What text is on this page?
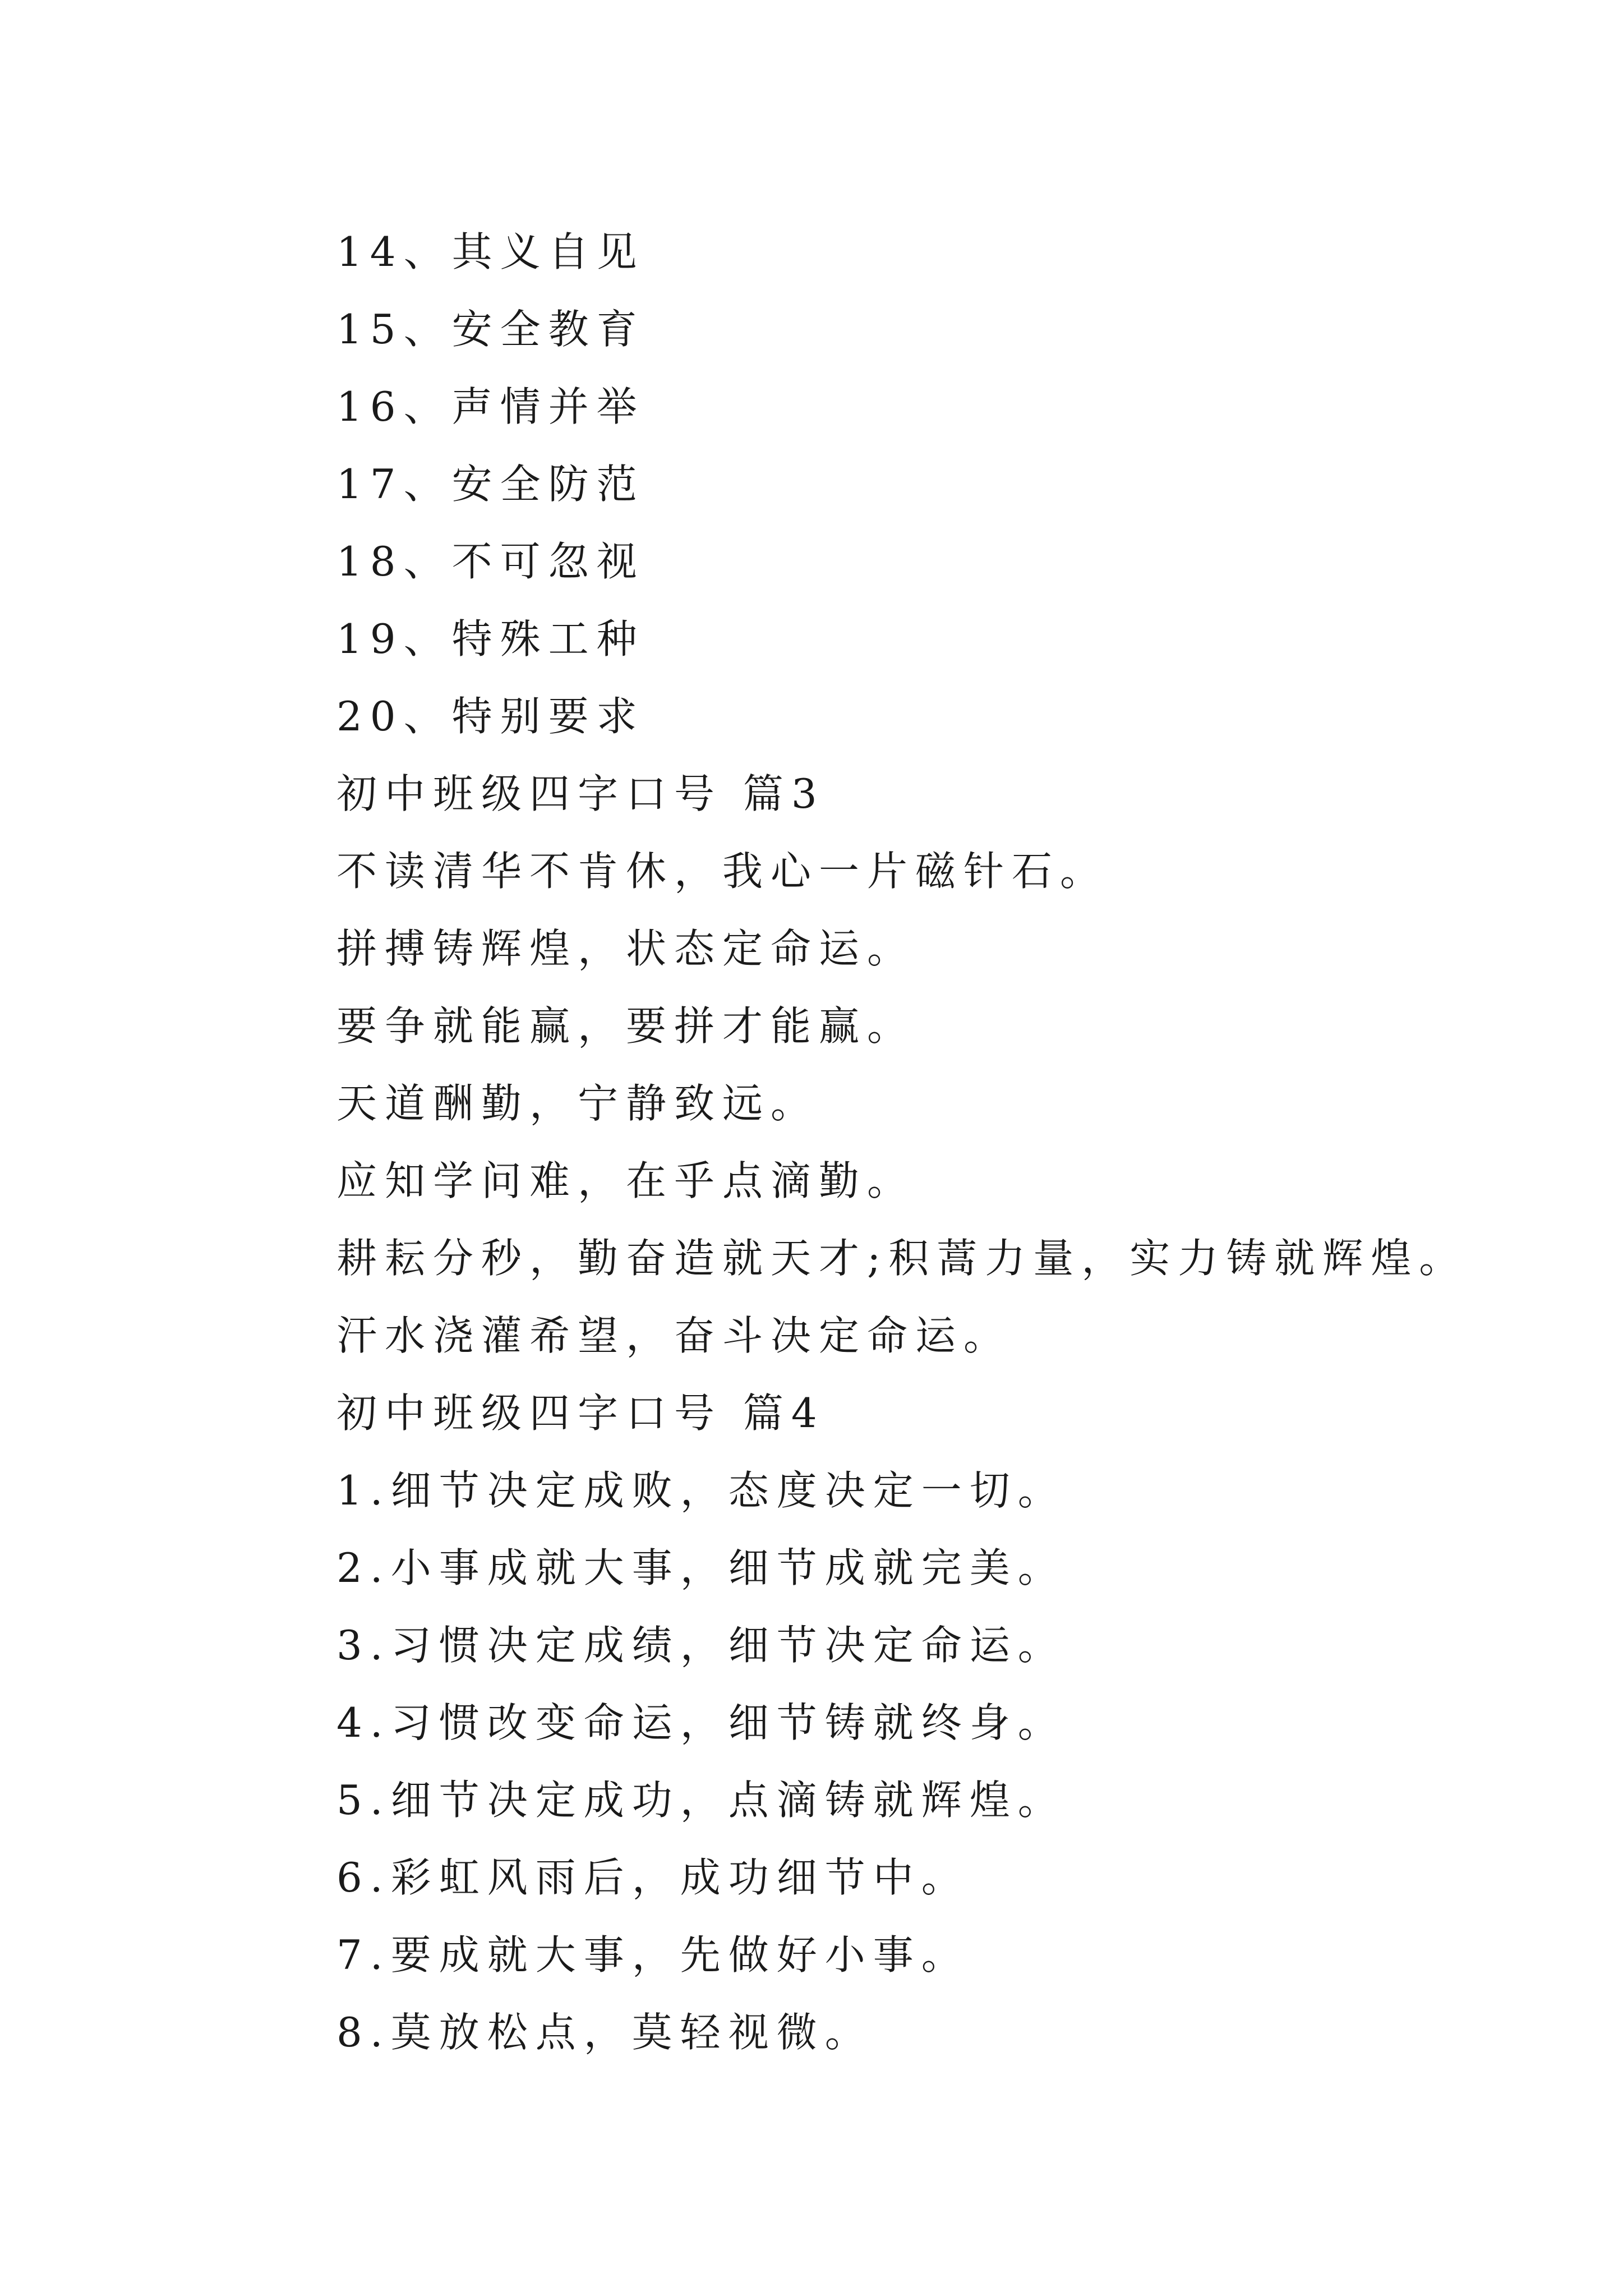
14、其义自见
15、安全教育
16、声情并举
17、安全防范
18、不可忽视
19、特殊工种
20、特别要求
初中班级四字口号 篇3
不读清华不肯休，我心一片磁针石。
拼搏铸辉煌，状态定命运。
要争就能赢，要拼才能赢。
天道酬勤，宁静致远。
应知学问难，在乎点滴勤。
耕耘分秒，勤奋造就天才;积蒿力量，实力铸就辉煌。
汗水浇灌希望，奋斗决定命运。
初中班级四字口号 篇4
1.细节决定成败，态度决定一切。
2.小事成就大事，细节成就完美。
3.习惯决定成绩，细节决定命运。
4.习惯改变命运，细节铸就终身。
5.细节决定成功，点滴铸就辉煌。
6.彩虹风雨后，成功细节中。
7.要成就大事，先做好小事。
8.莫放松点，莫轻视微。
